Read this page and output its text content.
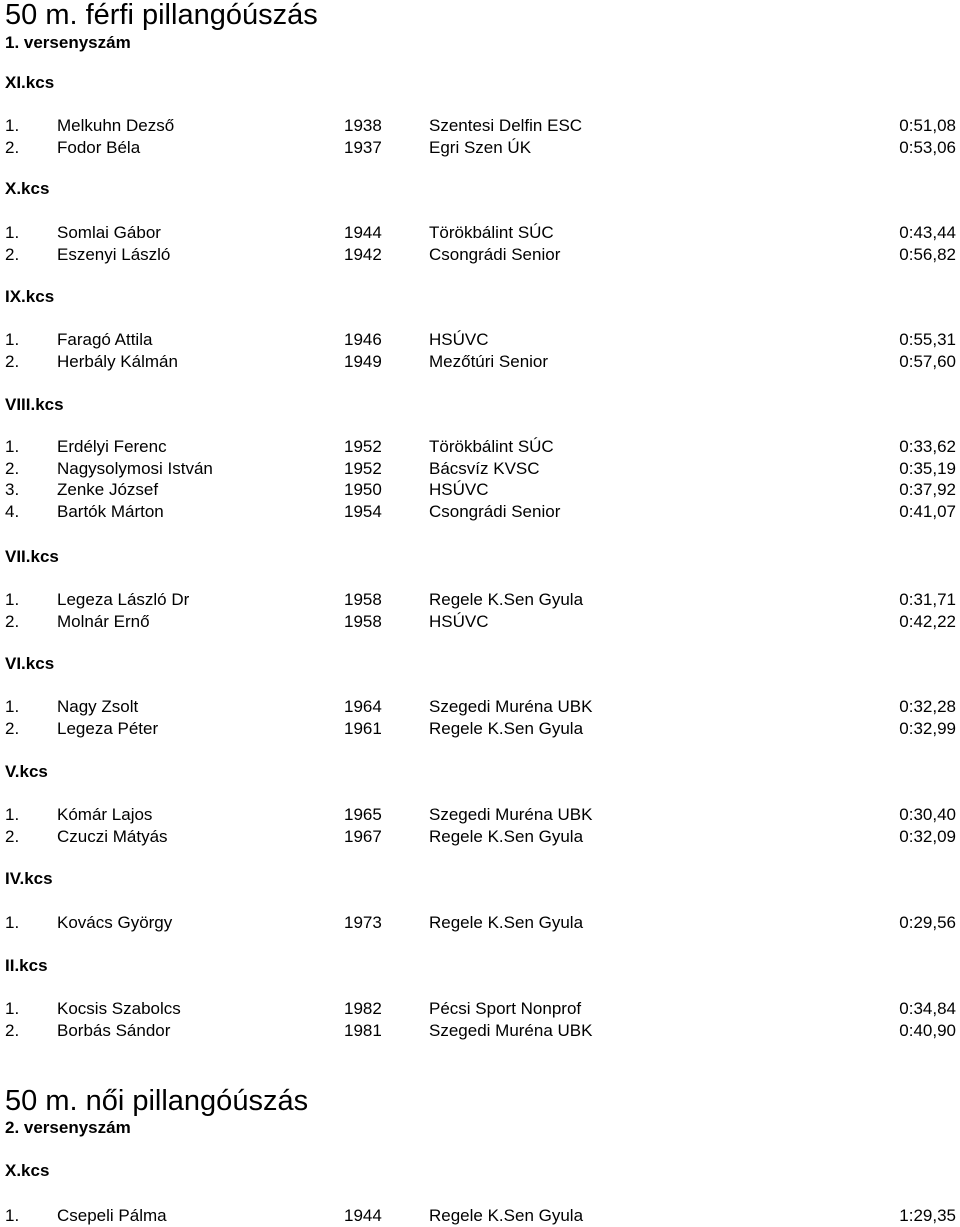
50 m. férfi pillangóúszás
1. versenyszám
XI.kcs
1. Melkuhn Dezső	1938	Szentesi Delfin ESC	0:51,08
2. Fodor Béla	1937	Egri Szen ÚK	0:53,06
X.kcs
1. Somlai Gábor	1944	Törökbálint SÚC	0:43,44
2. Eszenyi László	1942	Csongrádi Senior	0:56,82
IX.kcs
1. Faragó Attila	1946	HSÚVC	0:55,31
2. Herbály Kálmán	1949	Mezőtúri Senior	0:57,60
VIII.kcs
1. Erdélyi Ferenc	1952	Törökbálint SÚC	0:33,62
2. Nagysolymosi István	1952	Bácsvíz KVSC	0:35,19
3. Zenke József	1950	HSÚVC	0:37,92
4. Bartók Márton	1954	Csongrádi Senior	0:41,07
VII.kcs
1. Legeza László Dr	1958	Regele K.Sen Gyula	0:31,71
2. Molnár Ernő	1958	HSÚVC	0:42,22
VI.kcs
1. Nagy Zsolt	1964	Szegedi Muréna UBK	0:32,28
2. Legeza Péter	1961	Regele K.Sen Gyula	0:32,99
V.kcs
1. Kómár Lajos	1965	Szegedi Muréna UBK	0:30,40
2. Czuczi Mátyás	1967	Regele K.Sen Gyula	0:32,09
IV.kcs
1. Kovács György	1973	Regele K.Sen Gyula	0:29,56
II.kcs
1. Kocsis Szabolcs	1982	Pécsi Sport Nonprof	0:34,84
2. Borbás Sándor	1981	Szegedi Muréna UBK	0:40,90
50 m. női pillangóúszás
2. versenyszám
X.kcs
1. Csepeli Pálma	1944	Regele K.Sen Gyula	1:29,35
